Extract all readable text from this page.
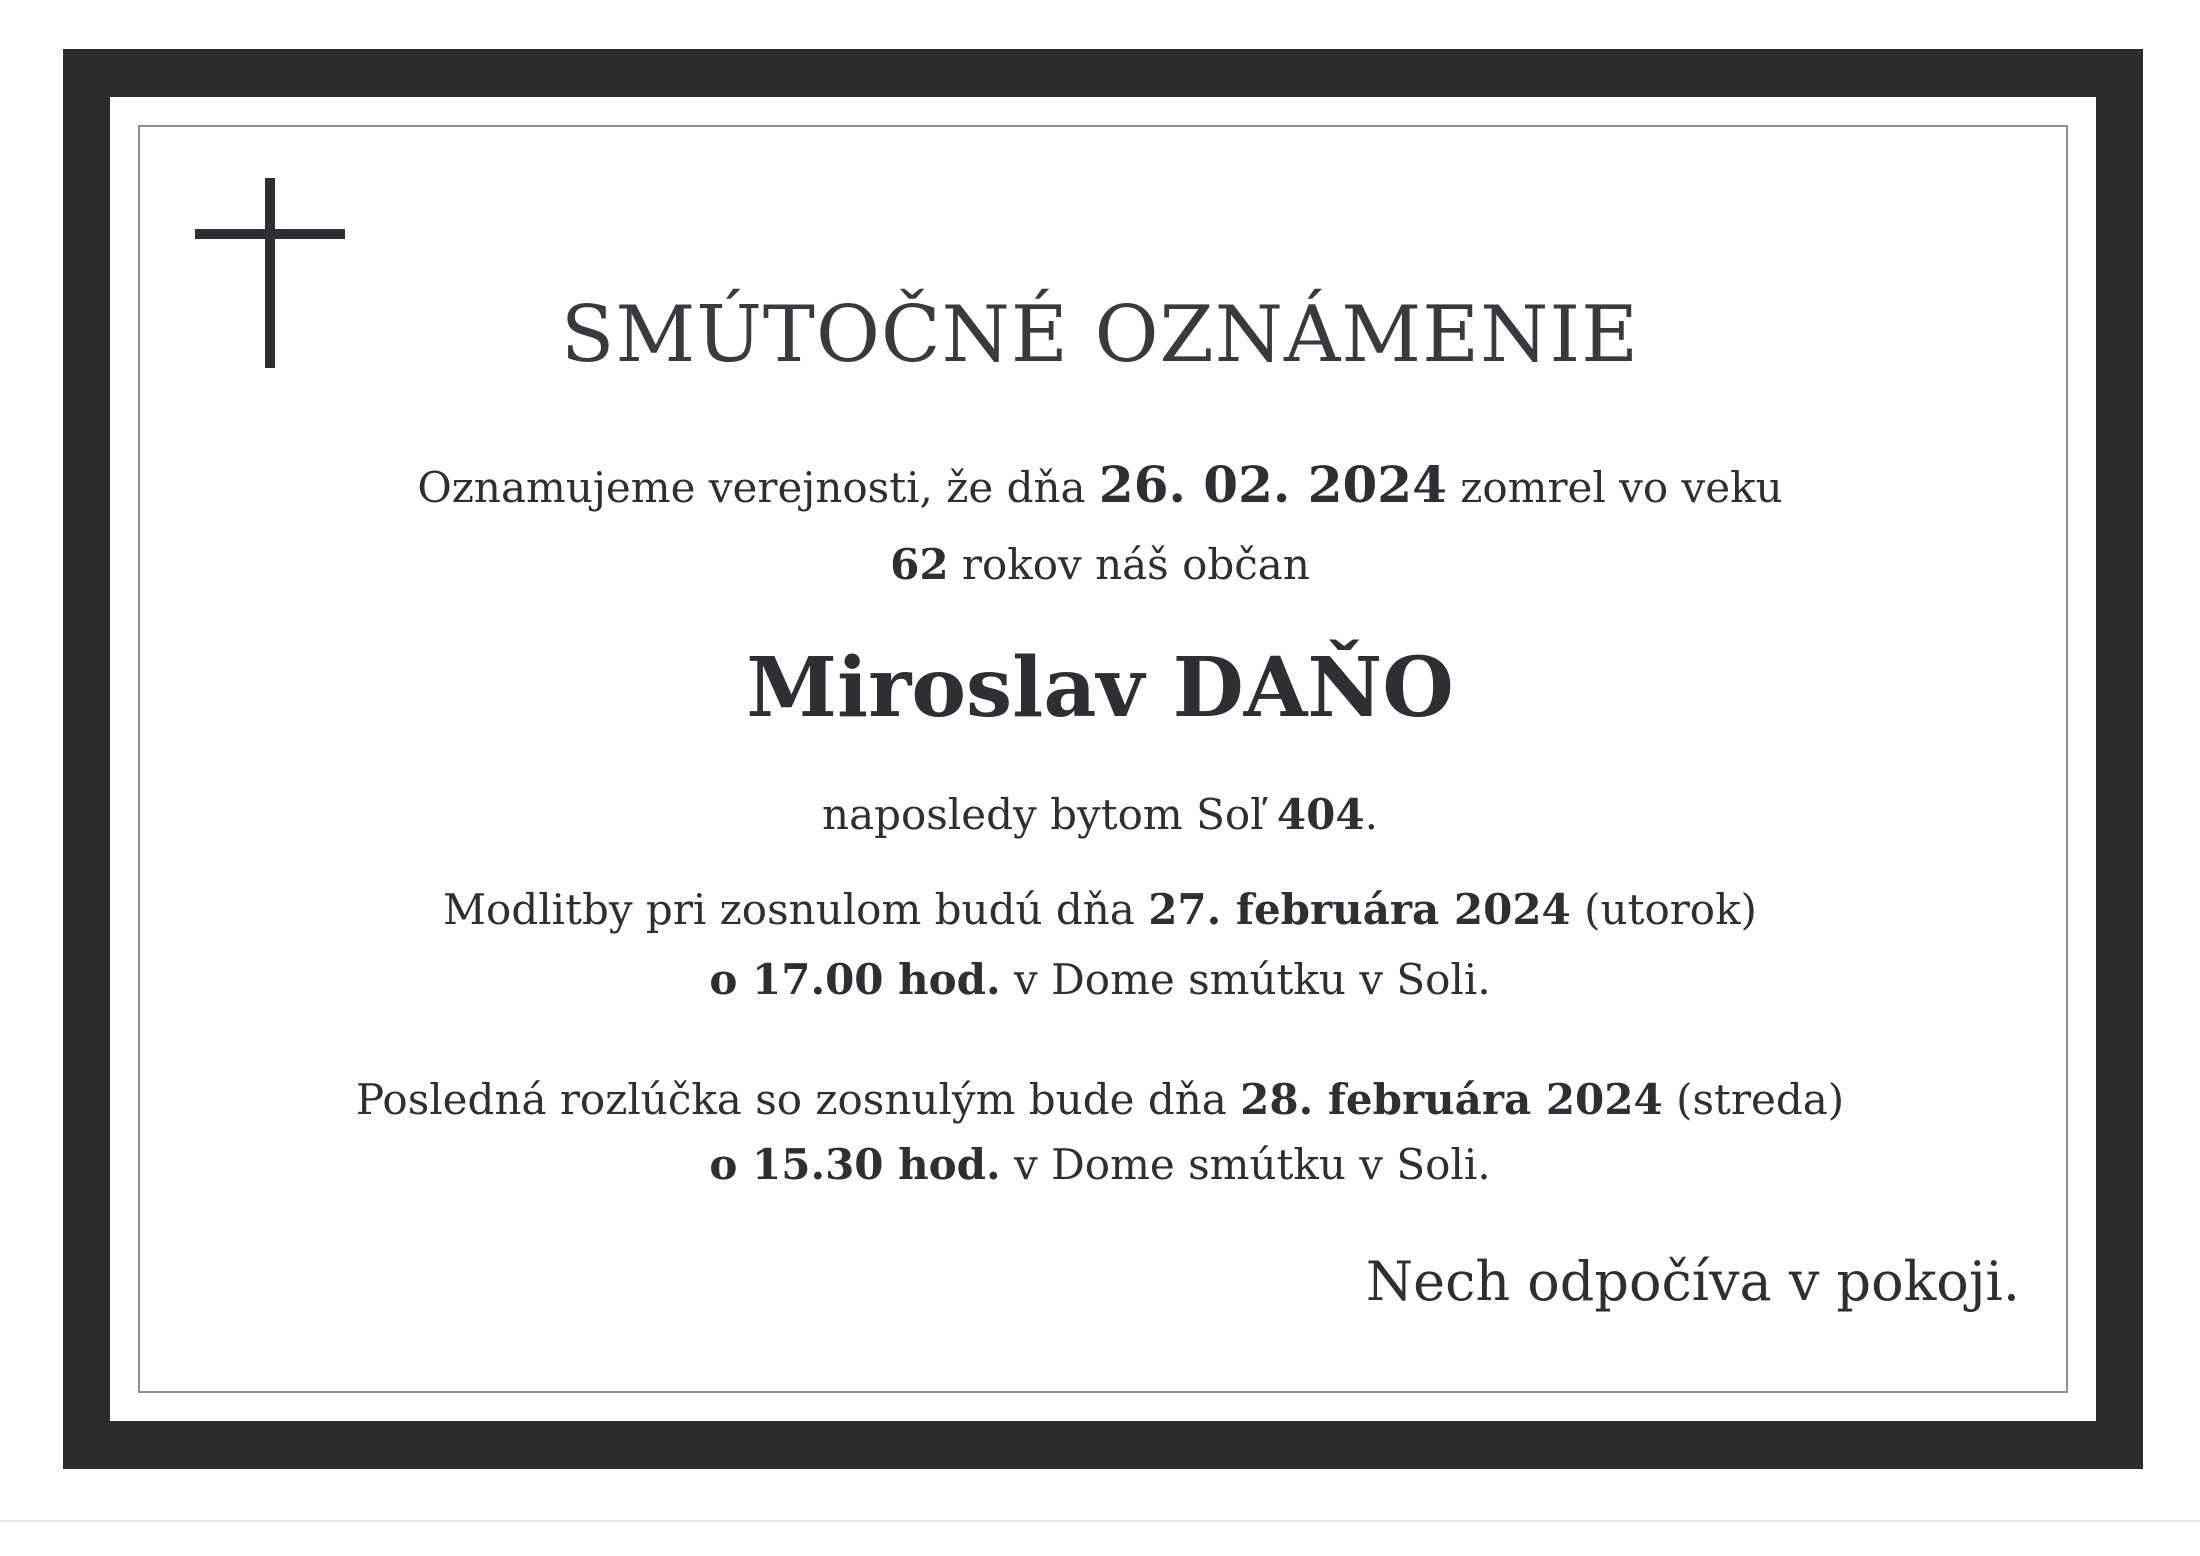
SMÚTOČNÉ OZNÁMENIE
Oznamujeme verejnosti, že dňa 26. 02. 2024 zomrel vo veku
62 rokov náš občan
Miroslav DAŇO
naposledy bytom Soľ 404.
Modlitby pri zosnulom budú dňa 27. februára 2024 (utorok)
o 17.00 hod. v Dome smútku v Soli.
Posledná rozlúčka so zosnulým bude dňa 28. februára 2024 (streda)
o 15.30 hod. v Dome smútku v Soli.
Nech odpočíva v pokoji.
